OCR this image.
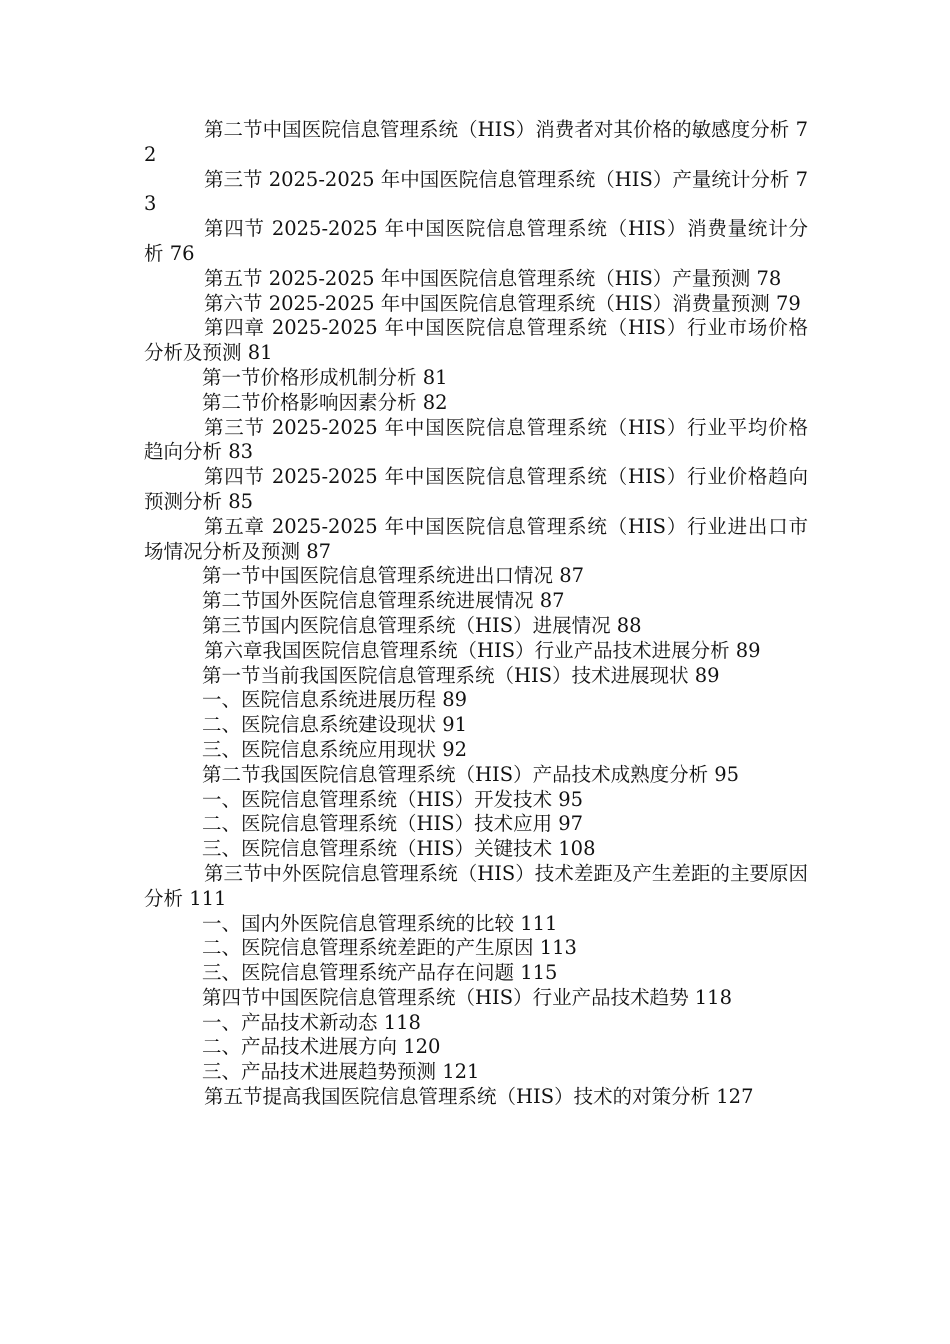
第二节中国医院信息管理系统（HIS）消费者对其价格的敏感度分析 72

第三节 2025-2025 年中国医院信息管理系统（HIS）产量统计分析 73

第四节 2025-2025 年中国医院信息管理系统（HIS）消费量统计分析 76

第五节 2025-2025 年中国医院信息管理系统（HIS）产量预测 78

第六节 2025-2025 年中国医院信息管理系统（HIS）消费量预测 79

第四章 2025-2025 年中国医院信息管理系统（HIS）行业市场价格分析及预测 81

第一节价格形成机制分析 81

第二节价格影响因素分析 82

第三节 2025-2025 年中国医院信息管理系统（HIS）行业平均价格趋向分析 83

第四节 2025-2025 年中国医院信息管理系统（HIS）行业价格趋向预测分析 85

第五章 2025-2025 年中国医院信息管理系统（HIS）行业进出口市场情况分析及预测 87

第一节中国医院信息管理系统进出口情况 87

第二节国外医院信息管理系统进展情况 87

第三节国内医院信息管理系统（HIS）进展情况 88

第六章我国医院信息管理系统（HIS）行业产品技术进展分析 89

第一节当前我国医院信息管理系统（HIS）技术进展现状 89

一、医院信息系统进展历程 89

二、医院信息系统建设现状 91

三、医院信息系统应用现状 92

第二节我国医院信息管理系统（HIS）产品技术成熟度分析 95

一、医院信息管理系统（HIS）开发技术 95

二、医院信息管理系统（HIS）技术应用 97

三、医院信息管理系统（HIS）关键技术 108

第三节中外医院信息管理系统（HIS）技术差距及产生差距的主要原因分析 111

一、国内外医院信息管理系统的比较 111

二、医院信息管理系统差距的产生原因 113

三、医院信息管理系统产品存在问题 115

第四节中国医院信息管理系统（HIS）行业产品技术趋势 118

一、产品技术新动态 118

二、产品技术进展方向 120

三、产品技术进展趋势预测 121

第五节提高我国医院信息管理系统（HIS）技术的对策分析 127
